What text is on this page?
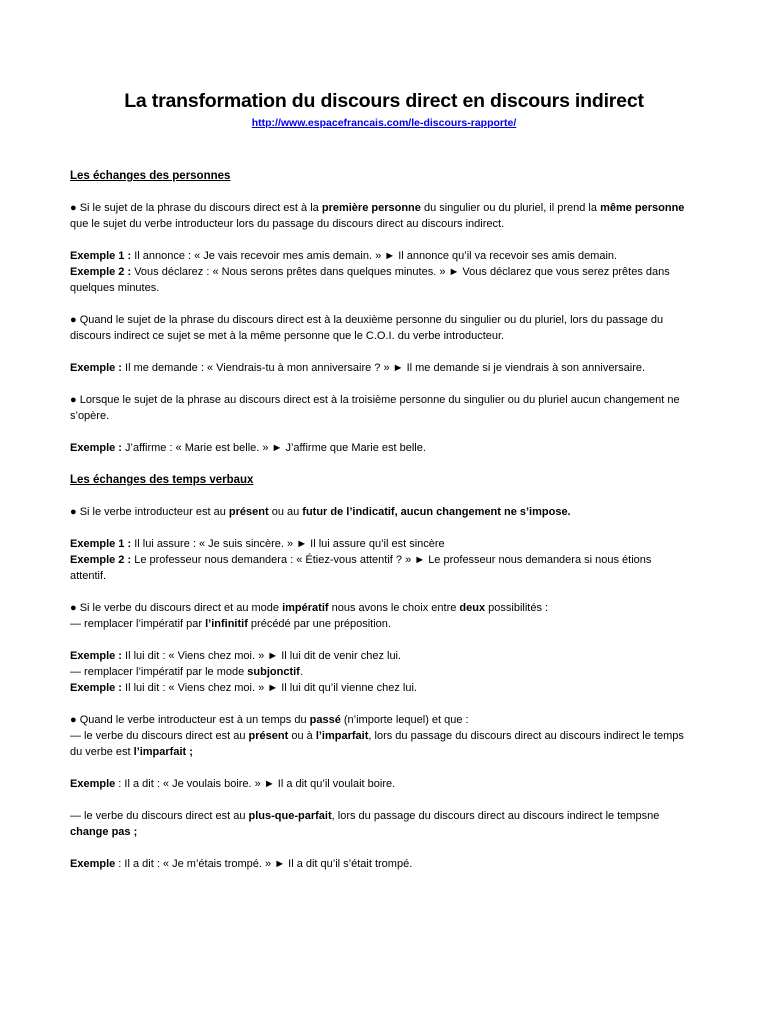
La transformation du discours direct en discours indirect
http://www.espacefrancais.com/le-discours-rapporte/

Les échanges des personnes

● Si le sujet de la phrase du discours direct est à la première personne du singulier ou du pluriel, il prend la même personne que le sujet du verbe introducteur lors du passage du discours direct au discours indirect.

Exemple 1 : Il annonce : « Je vais recevoir mes amis demain. » ► Il annonce qu’il va recevoir ses amis demain.

Exemple 2 : Vous déclarez : « Nous serons prêtes dans quelques minutes. » ► Vous déclarez que vous serez prêtes dans quelques minutes.

● Quand le sujet de la phrase du discours direct est à la deuxième personne du singulier ou du pluriel, lors du passage du discours indirect ce sujet se met à la même personne que le C.O.I. du verbe introducteur.

Exemple : Il me demande : « Viendrais-tu à mon anniversaire ? » ► Il me demande si je viendrais à son anniversaire.

● Lorsque le sujet de la phrase au discours direct est à la troisième personne du singulier ou du pluriel aucun changement ne s’opère.

Exemple : J’affirme : « Marie est belle. » ► J’affirme que Marie est belle.

Les échanges des temps verbaux

● Si le verbe introducteur est au présent ou au futur de l’indicatif, aucun changement ne s’impose.

Exemple 1 : Il lui assure : « Je suis sincère. » ► Il lui assure qu’il est sincère

Exemple 2 : Le professeur nous demandera : « Étiez-vous attentif ? » ► Le professeur nous demandera si nous étions attentif.

● Si le verbe du discours direct et au mode impératif nous avons le choix entre deux possibilités :

— remplacer l’impératif par l’infinitif précédé par une préposition.

Exemple : Il lui dit : « Viens chez moi. » ► Il lui dit de venir chez lui.

— remplacer l’impératif par le mode subjonctif.

Exemple : Il lui dit : « Viens chez moi. » ► Il lui dit qu’il vienne chez lui.

● Quand le verbe introducteur est à un temps du passé (n’importe lequel) et que :

— le verbe du discours direct est au présent ou à l’imparfait, lors du passage du discours direct au discours indirect le temps du verbe est l’imparfait ;

Exemple : Il a dit : « Je voulais boire. » ► Il a dit qu’il voulait boire.

— le verbe du discours direct est au plus-que-parfait, lors du passage du discours direct au discours indirect le tempsne change pas ;

Exemple : Il a dit : « Je m’étais trompé. » ► Il a dit qu’il s’était trompé.
